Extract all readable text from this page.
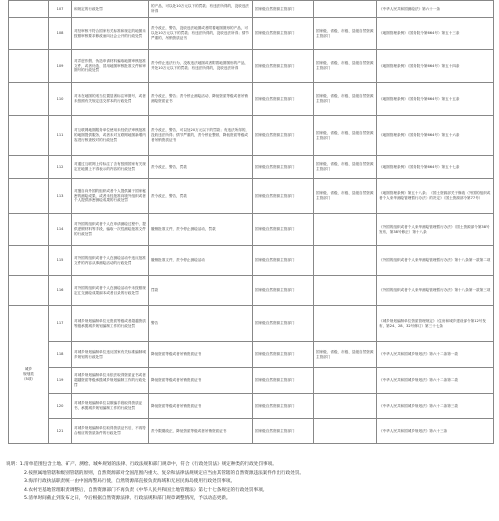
	107	和规定的行政处罚	的产品，可以处10万元以下的罚款；有违法所得的，没收违法所得	国家级自然资源主管部门		《中华人民共和国测绘法》第六十一条
	108	对经审核不符合国家有关标准和规定的地图未按照审核要求修改而向社会公开的行政处罚	责令改正，警告，没收违法地图或者附着地图图形的产品，可以处10万元以下的罚款；有违法所得的，没收违法所得；情节严重的，吊销资质证书	国家级自然资源主管部门	国家级、省级、市级、县级自然资源主管部门	《地图管理条例》（国务院令第664号）第五十三条
	109	对弄虚作假、伪造申请材料骗取地图审核批准文件，或者伪造、冒用地图审核批准文件和审图号的行政处罚	责令停止违法行为，没收违法地图或者附着地图图形的产品，并处10万元以下的罚款；有违法所得的，没收违法所得	国家级自然资源主管部门	国家级、省级、市级、县级自然资源主管部门	《地图管理条例》（国务院令第664号）第五十四条
	110	对未在地图的适当位置显著标注审图号，或者未按照有关规定送交样本的行政处罚	责令改正，警告；责令停止测绘活动、降低资质等级或者吊销测绘资质证书	国家级自然资源主管部门	国家级、省级、市级、县级自然资源主管部门	《地图管理条例》（国务院令第664号）第五十五条
	111	对互联网地图服务单位使用未经依法审核批准的地图提供服务，或者未对互联网地图新增内容进行核查校对的行政处罚	责令改正，警告，可以处20万元以下的罚款；有违法所得的，没收违法所得；情节严重的，责令停业整顿，降低资质等级或者吊销资质证书	国家级自然资源主管部门	国家级、省级、市级、县级自然资源主管部门	《地图管理条例》（国务院令第664号）第五十六条
	112	对通过互联网上传标注了含有按照国家有关规定在地图上不得表示的内容的行政处罚	责令改正，警告，罚款	国家级自然资源主管部门	国家级、省级、市级、县级自然资源主管部门	《地图管理条例》（国务院令第664号）第五十七条
	113	对擅自向外国的组织或者个人提供属于国家秘密的测绘成果，或者未经批准向境外组织或者个人提供涉密测绘成果的行政处罚	责令改正，警告，罚款	国家级自然资源主管部门	国家级、省级、市级、县级自然资源主管部门	《地图管理条例》第五十八条；《国土资源部关于修改〈外国的组织或者个人来华测绘管理暂行办法〉的决定》（国土资源部令第77号）
	114	对外国的组织或者个人在申请测绘过程中，提供虚假材料等手段，骗取一次性测绘批准文件的行政处罚	撤销批准文件，责令停止测绘活动，罚款	国家级自然资源主管部门		《外国的组织或者个人来华测绘管理暂行办法》（国土资源部令第38号发布，第38号修正）第十八条
	115	对外国的组织或者个人在测绘活动中违反批准文件的内容从事测绘活动的行政处罚	撤销批准文件，责令停止测绘活动	国家级自然资源主管部门		《外国的组织或者个人来华测绘管理暂行办法》第十八条第一款第二项
	116	对外国的组织或者个人在测绘活动中未按照规定汇交测绘成果副本或者目录的行政处罚	罚款	国家级自然资源主管部门		《外国的组织或者个人来华测绘管理暂行办法》第十八条第一款第三项
城乡
规划类
（5项）	117	对城乡规划编制单位无资质等级或者超越资质等级承揽城乡规划编制工作的行政处罚	警告	国家级自然资源主管部门		《城乡规划编制单位资质管理规定》（住房和城乡建设部令第12号发布，第24、28、32号修订）第三十七条
	118	对城乡规划编制单位违反国家有关标准编制城乡规划的行政处罚	降低资质等级或者吊销资质证书	国家级自然资源主管部门	国家级、省级、市级、县级自然资源主管部门	《中华人民共和国城乡规划法》第六十二条第一款
	119	对城乡规划编制单位未依法取得资质证书或者超越资质等级承揽城乡规划编制工作的行政处罚	降低资质等级或者吊销资质证书	国家级自然资源主管部门		《中华人民共和国城乡规划法》第六十二条第二款
	120	对城乡规划编制单位以欺骗手段取得资质证书，承揽城乡规划编制工作的行政处罚	降低资质等级或者吊销资质证书	国家级自然资源主管部门		《中华人民共和国城乡规划法》第六十二条第三款
	121	对城乡规划编制单位取得资质证书后，不再符合相应的资质条件的行政处罚	责令限期改正，降低资质等级或者吊销资质证书	国家级自然资源主管部门		《中华人民共和国城乡规划法》第六十三条
说明：1.清单范围包含土地、矿产、测绘、城乡规划的法律、行政法规和部门规章中，符合《行政处罚法》规定种类的行政处罚事项。
2.按照属地管辖和级别管辖的原则，自然资源部对全国范围内重大、复杂和法律法规规定应当由其管辖的自然资源违法案件作出行政处罚。
3.海洋行政执法职责统一由中国海警局行使，自然资源部直接负责海域和无居民海岛使用行政处罚事项。
4.农村宅基地管理职责调整后，自然资源部门不再负责《中华人民共和国土地管理法》第七十七条规定的行政处罚事项。
5.清单时间截止到发布之日，今后根据自然资源法律、行政法规和部门规章调整情况，予以动态更新。
